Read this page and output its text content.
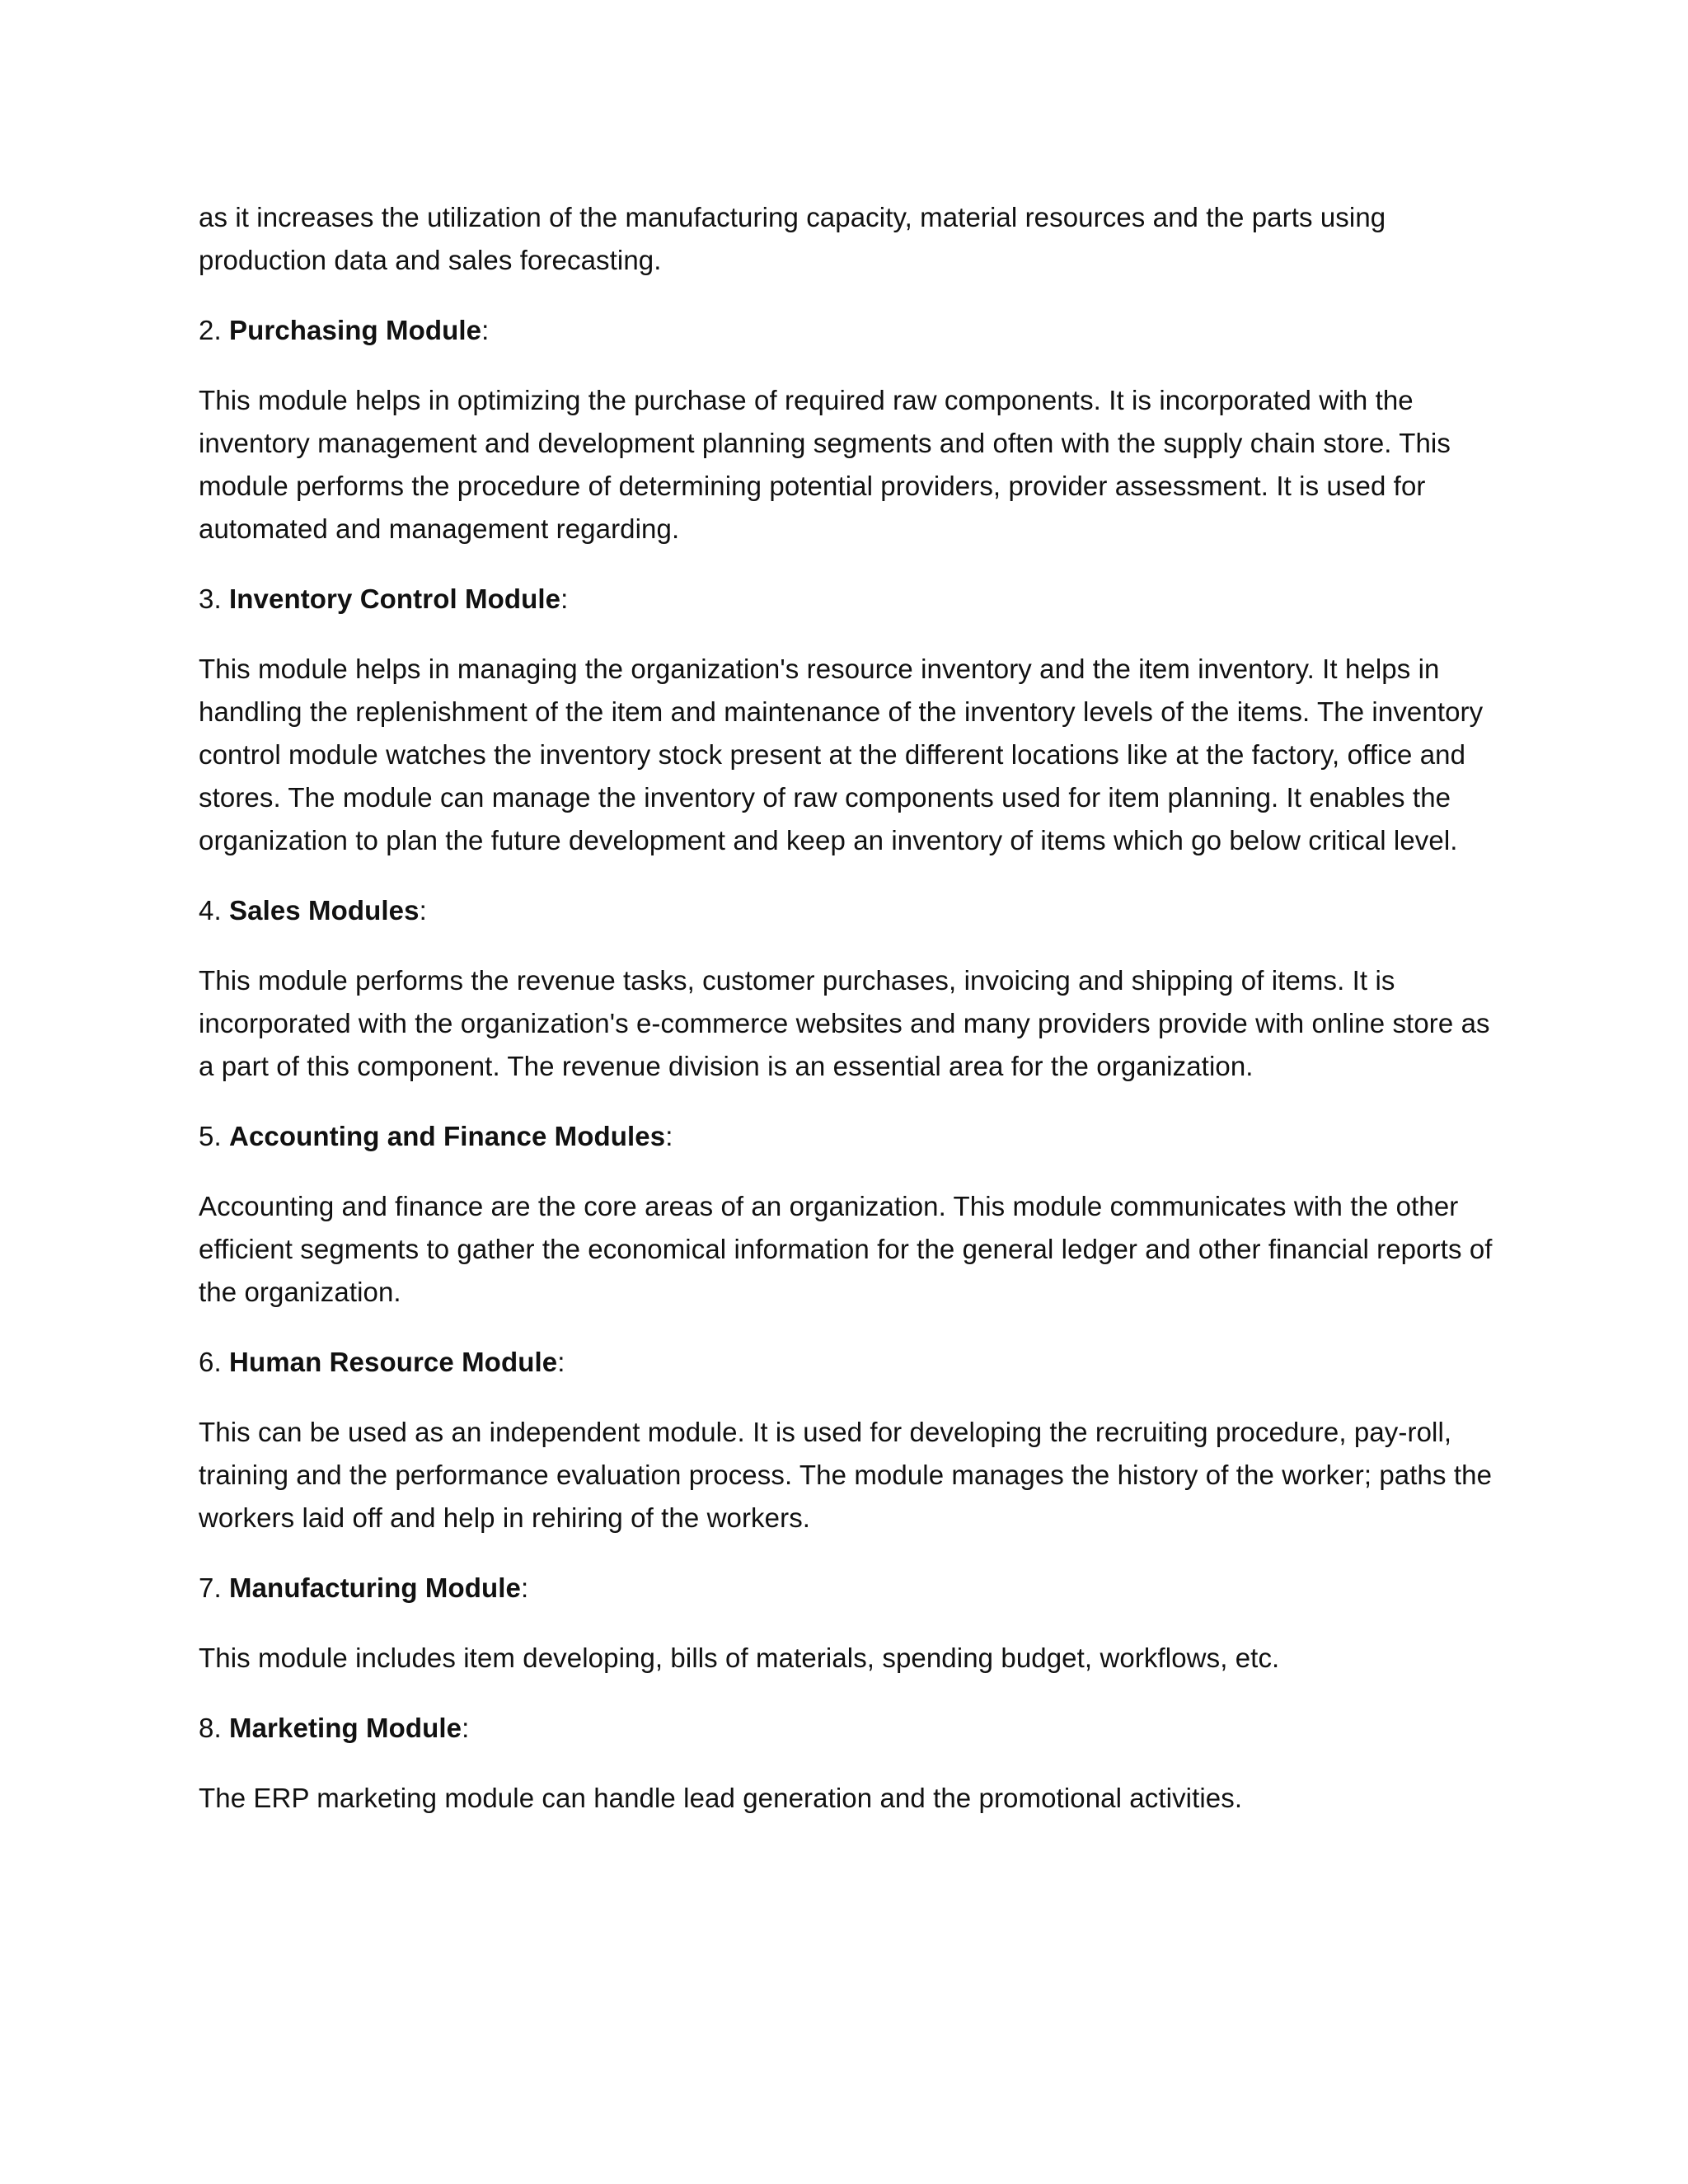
as it increases the utilization of the manufacturing capacity, material resources and the parts using production data and sales forecasting.

2. Purchasing Module:

This module helps in optimizing the purchase of required raw components. It is incorporated with the inventory management and development planning segments and often with the supply chain store. This module performs the procedure of determining potential providers, provider assessment. It is used for automated and management regarding.

3. Inventory Control Module:

This module helps in managing the organization's resource inventory and the item inventory. It helps in handling the replenishment of the item and maintenance of the inventory levels of the items. The inventory control module watches the inventory stock present at the different locations like at the factory, office and stores. The module can manage the inventory of raw components used for item planning. It enables the organization to plan the future development and keep an inventory of items which go below critical level.

4. Sales Modules:

This module performs the revenue tasks, customer purchases, invoicing and shipping of items. It is incorporated with the organization's e-commerce websites and many providers provide with online store as a part of this component. The revenue division is an essential area for the organization.

5. Accounting and Finance Modules:

Accounting and finance are the core areas of an organization. This module communicates with the other efficient segments to gather the economical information for the general ledger and other financial reports of the organization.

6. Human Resource Module:

This can be used as an independent module. It is used for developing the recruiting procedure, pay-roll, training and the performance evaluation process. The module manages the history of the worker; paths the workers laid off and help in rehiring of the workers.

7. Manufacturing Module:

This module includes item developing, bills of materials, spending budget, workflows, etc.

8. Marketing Module:

The ERP marketing module can handle lead generation and the promotional activities.
